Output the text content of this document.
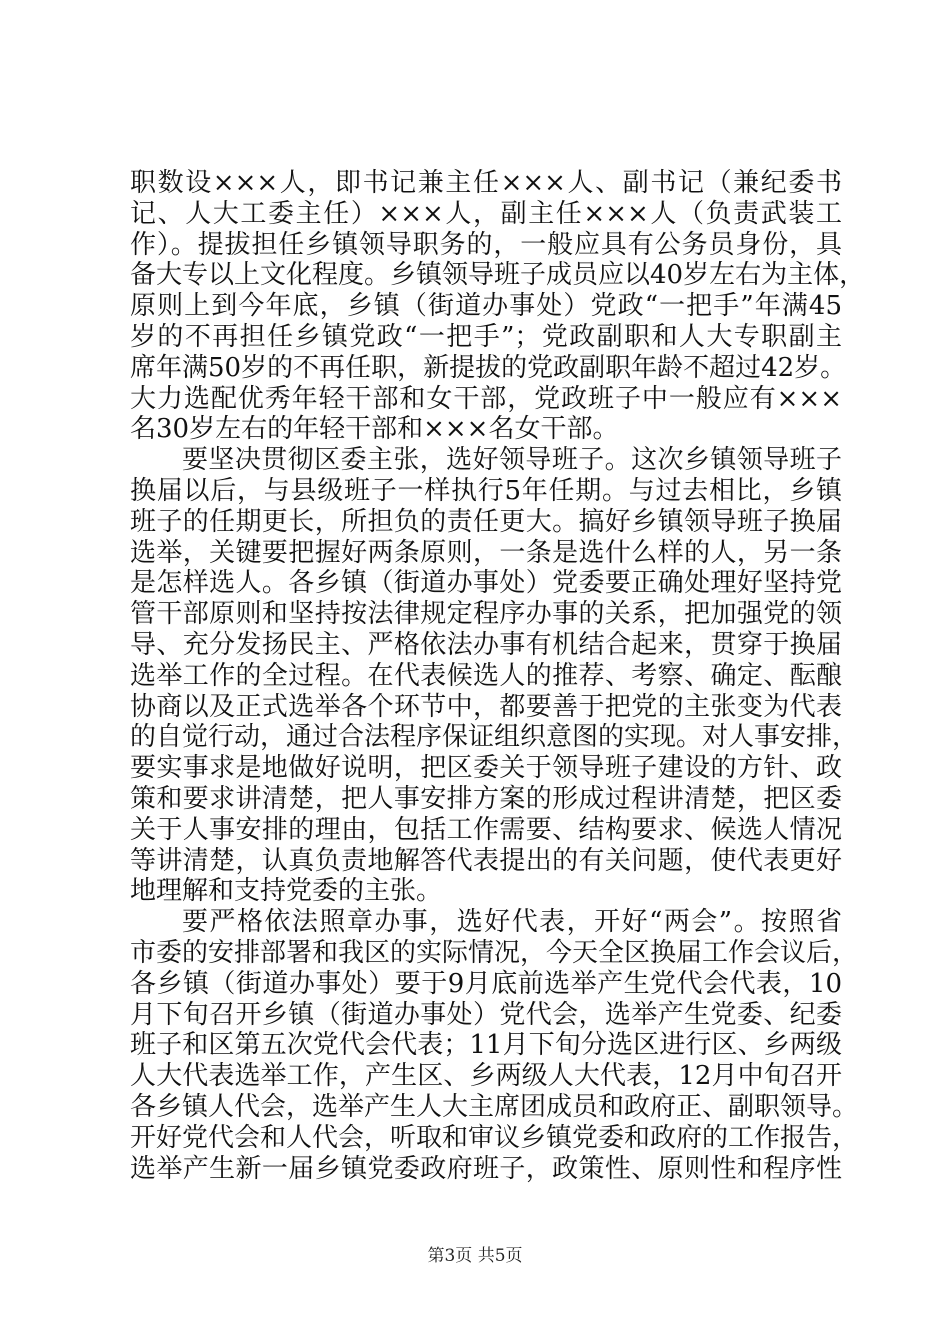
职数设×××人，即书记兼主任×××人、副书记（兼纪委书
记、人大工委主任）×××人，副主任×××人（负责武装工
作）。提拔担任乡镇领导职务的，一般应具有公务员身份，具
备大专以上文化程度。乡镇领导班子成员应以40岁左右为主体，
原则上到今年底，乡镇（街道办事处）党政“一把手”年满45
岁的不再担任乡镇党政“一把手”；党政副职和人大专职副主
席年满50岁的不再任职，新提拔的党政副职年龄不超过42岁。
大力选配优秀年轻干部和女干部，党政班子中一般应有×××
名30岁左右的年轻干部和×××名女干部。
要坚决贯彻区委主张，选好领导班子。这次乡镇领导班子
换届以后，与县级班子一样执行5年任期。与过去相比，乡镇
班子的任期更长，所担负的责任更大。搞好乡镇领导班子换届
选举，关键要把握好两条原则，一条是选什么样的人，另一条
是怎样选人。各乡镇（街道办事处）党委要正确处理好坚持党
管干部原则和坚持按法律规定程序办事的关系，把加强党的领
导、充分发扬民主、严格依法办事有机结合起来，贯穿于换届
选举工作的全过程。在代表候选人的推荐、考察、确定、酝酿
协商以及正式选举各个环节中，都要善于把党的主张变为代表
的自觉行动，通过合法程序保证组织意图的实现。对人事安排，
要实事求是地做好说明，把区委关于领导班子建设的方针、政
策和要求讲清楚，把人事安排方案的形成过程讲清楚，把区委
关于人事安排的理由，包括工作需要、结构要求、候选人情况
等讲清楚，认真负责地解答代表提出的有关问题，使代表更好
地理解和支持党委的主张。
要严格依法照章办事，选好代表，开好“两会”。按照省
市委的安排部署和我区的实际情况，今天全区换届工作会议后，
各乡镇（街道办事处）要于9月底前选举产生党代会代表，10
月下旬召开乡镇（街道办事处）党代会，选举产生党委、纪委
班子和区第五次党代会代表；11月下旬分选区进行区、乡两级
人大代表选举工作，产生区、乡两级人大代表，12月中旬召开
各乡镇人代会，选举产生人大主席团成员和政府正、副职领导。
开好党代会和人代会，听取和审议乡镇党委和政府的工作报告，
选举产生新一届乡镇党委政府班子，政策性、原则性和程序性
第3页 共5页
